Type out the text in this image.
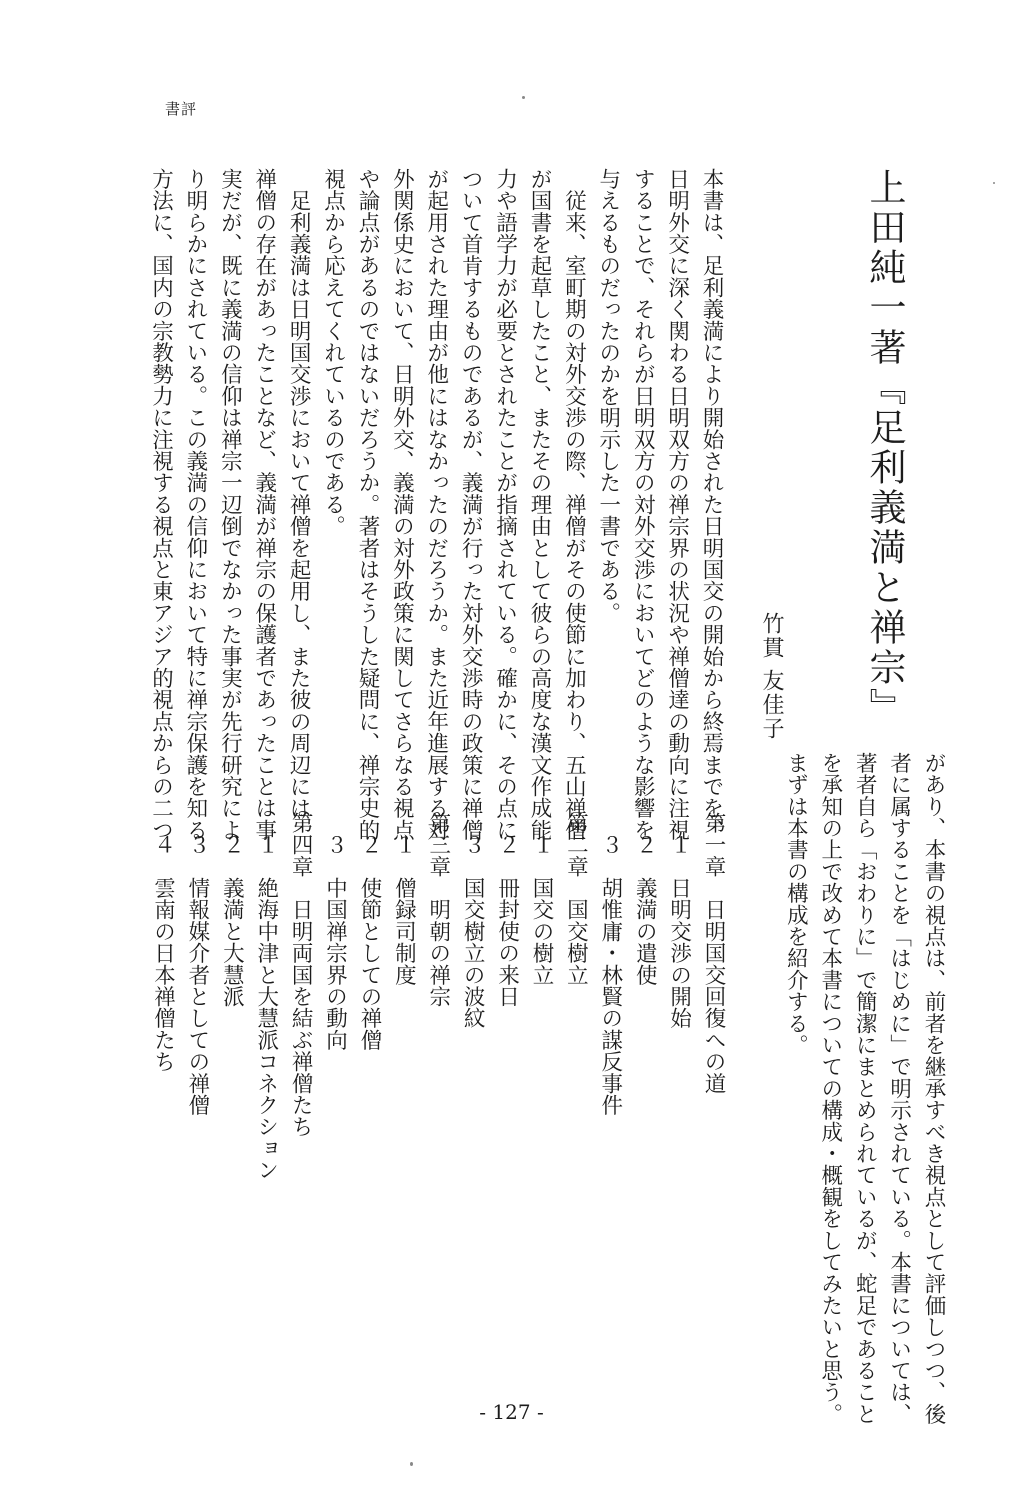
書評
上田純一著『足利義満と禅宗』
竹貫 友佳子
本書は、足利義満により開始された日明国交の開始から終焉までを、
日明外交に深く関わる日明双方の禅宗界の状況や禅僧達の動向に注視
することで、それらが日明双方の対外交渉においてどのような影響を
与えるものだったのかを明示した一書である。
　従来、室町期の対外交渉の際、禅僧がその使節に加わり、五山禅僧
が国書を起草したこと、またその理由として彼らの高度な漢文作成能
力や語学力が必要とされたことが指摘されている。確かに、その点に
ついて首肯するものであるが、義満が行った対外交渉時の政策に禅僧
が起用された理由が他にはなかったのだろうか。また近年進展する対
外関係史において、日明外交、義満の対外政策に関してさらなる視点
や論点があるのではないだろうか。著者はそうした疑問に、禅宗史的
視点から応えてくれているのである。
　足利義満は日明国交渉において禅僧を起用し、また彼の周辺には
禅僧の存在があったことなど、義満が禅宗の保護者であったことは事
実だが、既に義満の信仰は禅宗一辺倒でなかった事実が先行研究によ
り明らかにされている。この義満の信仰において特に禅宗保護を知る
方法に、国内の宗教勢力に注視する視点と東アジア的視点からの二つ
があり、本書の視点は、前者を継承すべき視点として評価しつつ、後
者に属することを「はじめに」で明示されている。本書については、
著者自ら「おわりに」で簡潔にまとめられているが、蛇足であること
を承知の上で改めて本書についての構成・概観をしてみたいと思う。
まずは本書の構成を紹介する。
第一章　日明国交回復への道
　１　日明交渉の開始
　２　義満の遣使
　３　胡惟庸・林賢の謀反事件
第二章　国交樹立
　１　国交の樹立
　２　冊封使の来日
　３　国交樹立の波紋
第三章　明朝の禅宗
　１　僧録司制度
　２　使節としての禅僧
　３　中国禅宗界の動向
第四章　日明両国を結ぶ禅僧たち
　１　絶海中津と大慧派コネクション
　２　義満と大慧派
　３　情報媒介者としての禅僧
　４　雲南の日本禅僧たち
- 127 -
